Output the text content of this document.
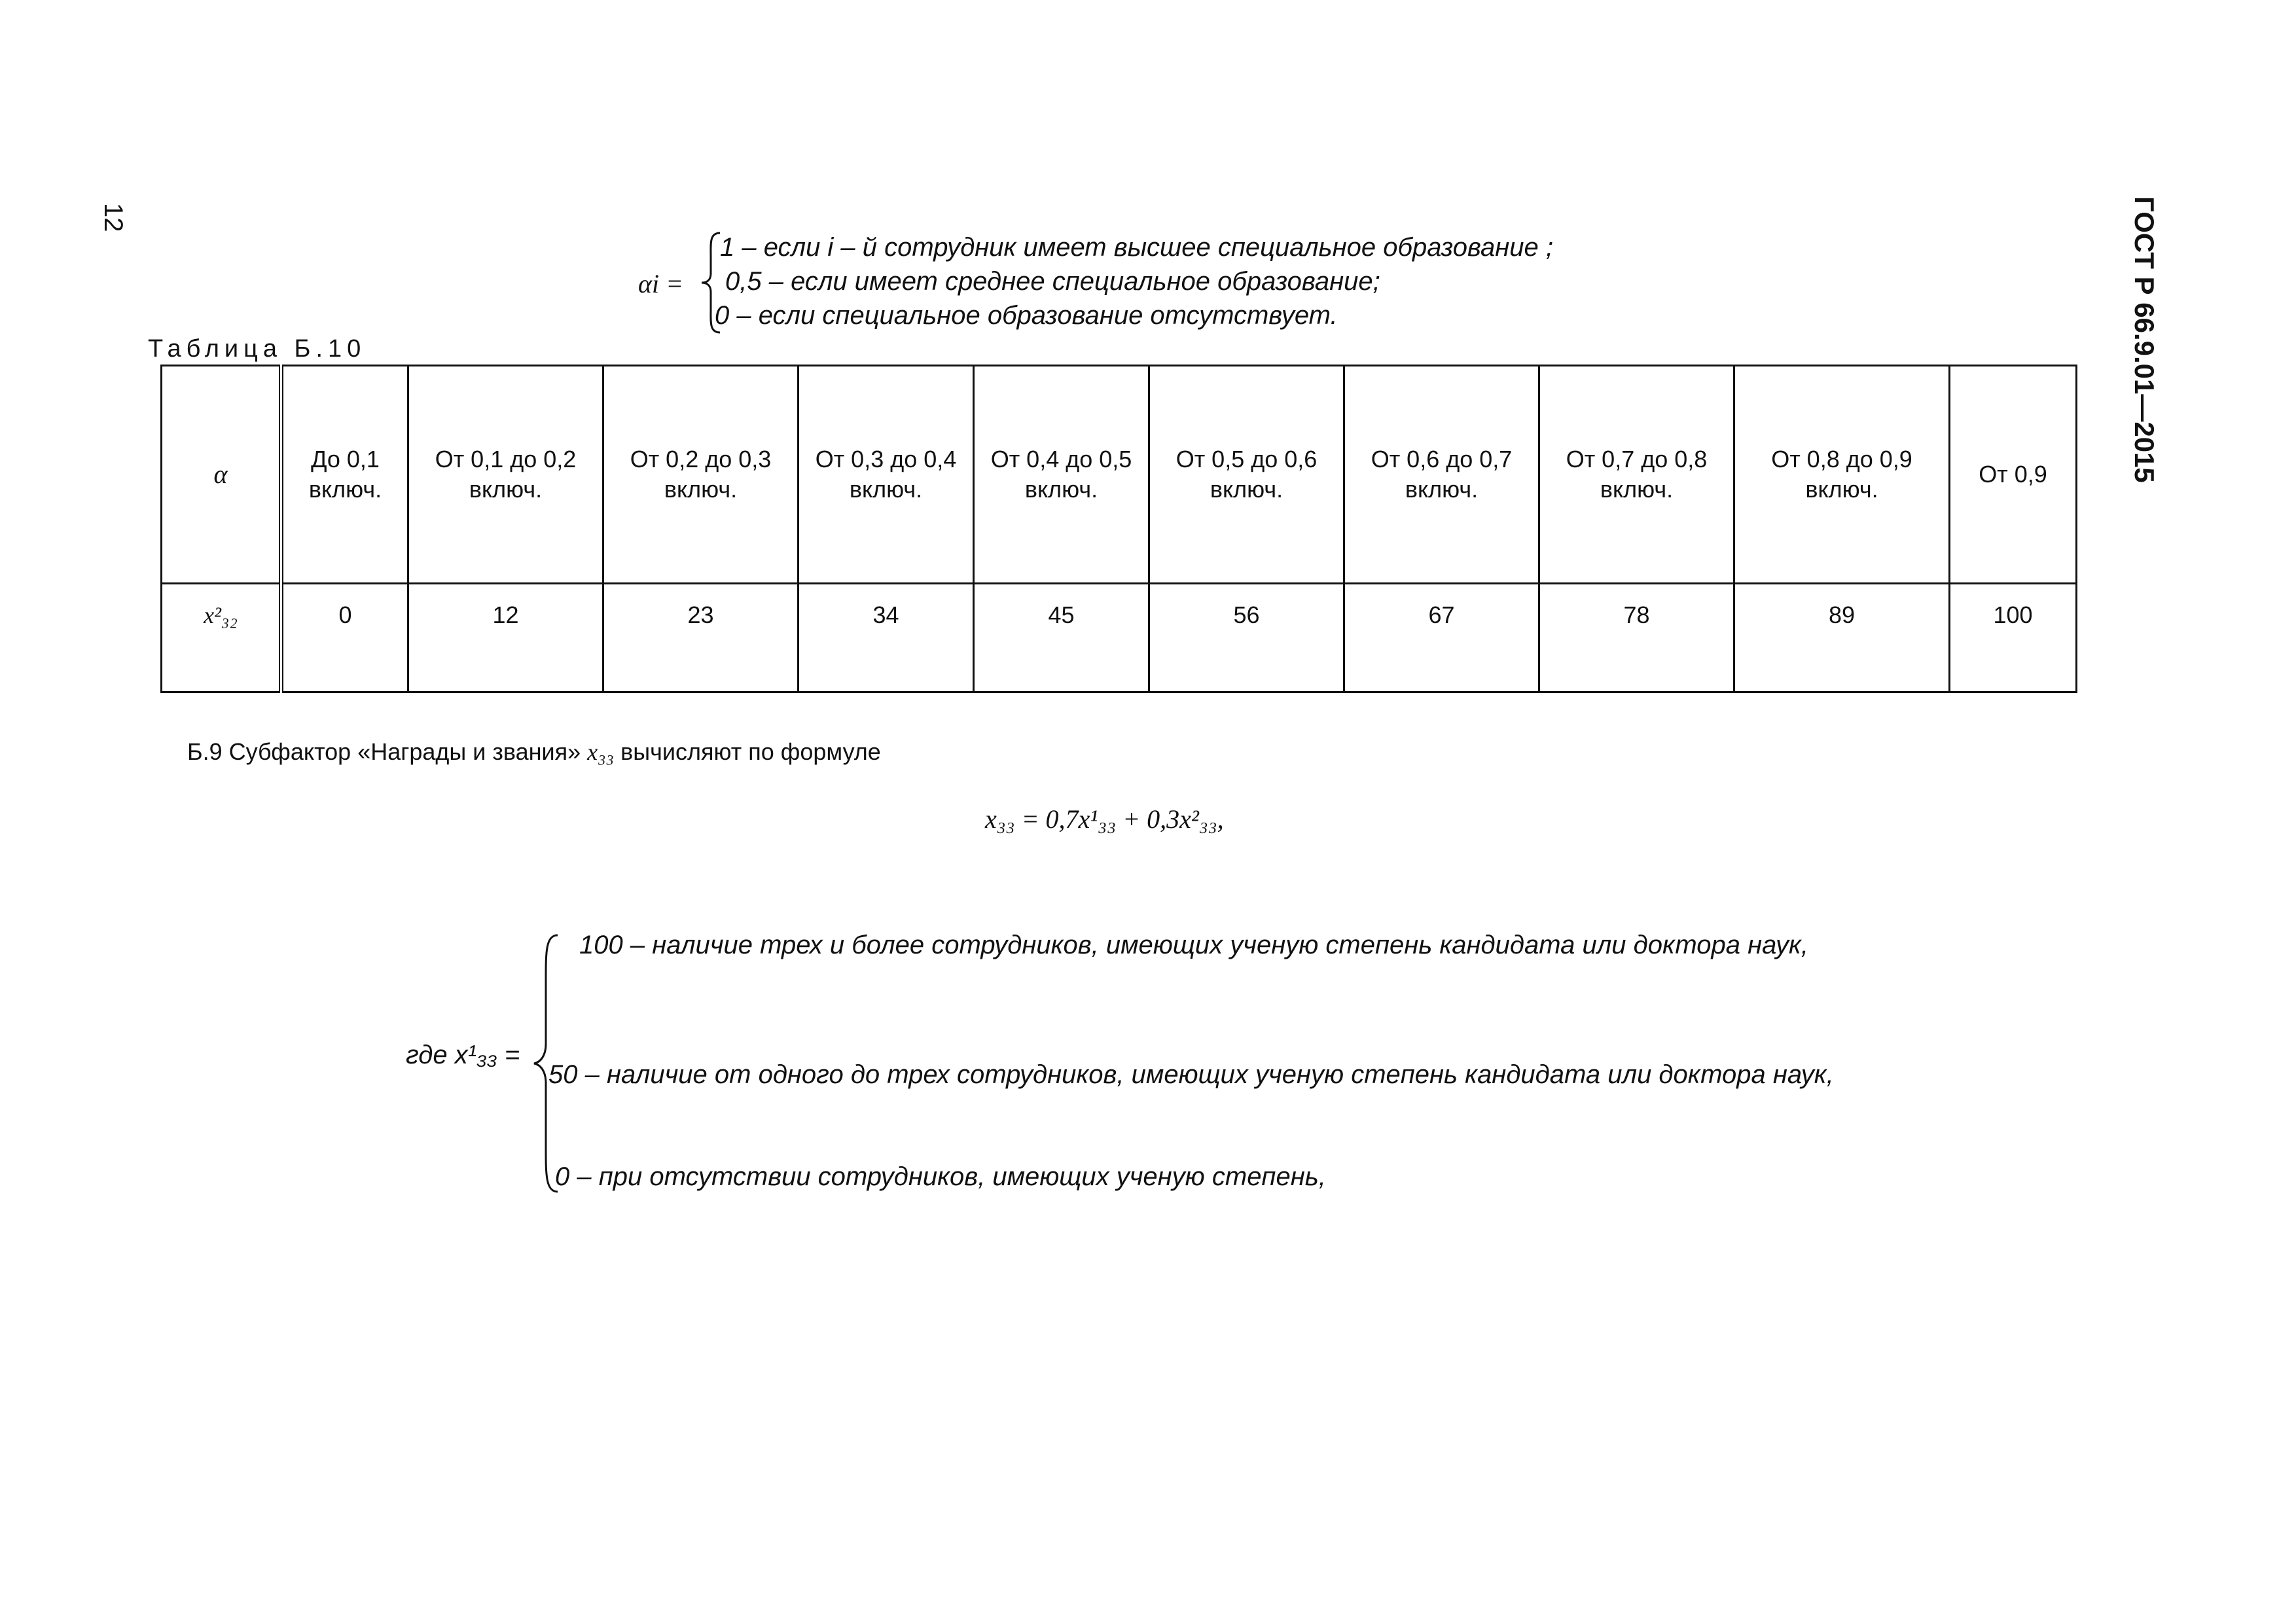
12	ГОСТ Р 66.9.01—2015
αi =
1 – если i – й сотрудник имеет высшее специальное образование ;
0,5 – если имеет среднее специальное образование;
0 – если специальное образование отсутствует.
Таблица Б.10
α	До 0,1 включ.	От 0,1 до 0,2 включ.	От 0,2 до 0,3 включ.	От 0,3 до 0,4 включ.	От 0,4 до 0,5 включ.	От 0,5 до 0,6 включ.	От 0,6 до 0,7 включ.	От 0,7 до 0,8 включ.	От 0,8 до 0,9 включ.	От 0,9
x²₃₂	0	12	23	34	45	56	67	78	89	100
Б.9 Субфактор «Награды и звания» x₃₃ вычисляют по формуле
x₃₃ = 0,7x¹₃₃ + 0,3x²₃₃,
где x¹₃₃ =
100 – наличие трех и более сотрудников, имеющих ученую степень кандидата или доктора наук,
50 – наличие от одного до трех сотрудников, имеющих ученую степень кандидата или доктора наук,
0 – при отсутствии сотрудников, имеющих ученую степень,
